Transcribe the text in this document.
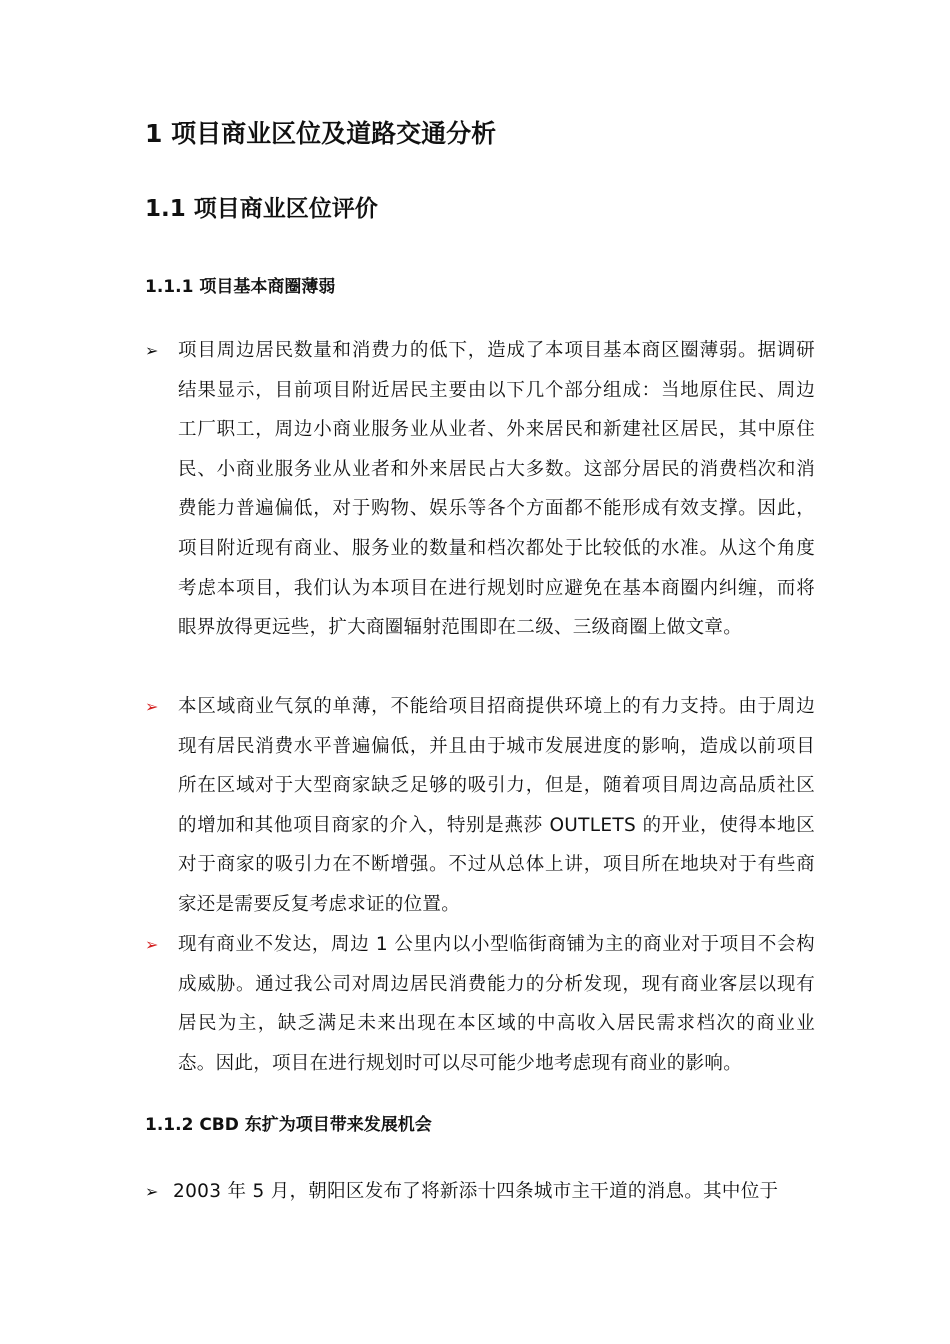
1 项目商业区位及道路交通分析
1.1 项目商业区位评价
1.1.1 项目基本商圈薄弱
➢	项目周边居民数量和消费力的低下，造成了本项目基本商区圈薄弱。据调研结果显示，目前项目附近居民主要由以下几个部分组成：当地原住民、周边工厂职工，周边小商业服务业从业者、外来居民和新建社区居民，其中原住民、小商业服务业从业者和外来居民占大多数。这部分居民的消费档次和消费能力普遍偏低，对于购物、娱乐等各个方面都不能形成有效支撑。因此，项目附近现有商业、服务业的数量和档次都处于比较低的水准。从这个角度考虑本项目，我们认为本项目在进行规划时应避免在基本商圈内纠缠，而将眼界放得更远些，扩大商圈辐射范围即在二级、三级商圈上做文章。
➢	本区域商业气氛的单薄，不能给项目招商提供环境上的有力支持。由于周边现有居民消费水平普遍偏低，并且由于城市发展进度的影响，造成以前项目所在区域对于大型商家缺乏足够的吸引力，但是，随着项目周边高品质社区的增加和其他项目商家的介入，特别是燕莎 OUTLETS 的开业，使得本地区对于商家的吸引力在不断增强。不过从总体上讲，项目所在地块对于有些商家还是需要反复考虑求证的位置。
➢	现有商业不发达，周边 1 公里内以小型临街商铺为主的商业对于项目不会构成威胁。通过我公司对周边居民消费能力的分析发现，现有商业客层以现有居民为主，缺乏满足未来出现在本区域的中高收入居民需求档次的商业业态。因此，项目在进行规划时可以尽可能少地考虑现有商业的影响。
1.1.2 CBD 东扩为项目带来发展机会
➢ 2003 年 5 月，朝阳区发布了将新添十四条城市主干道的消息。其中位于
